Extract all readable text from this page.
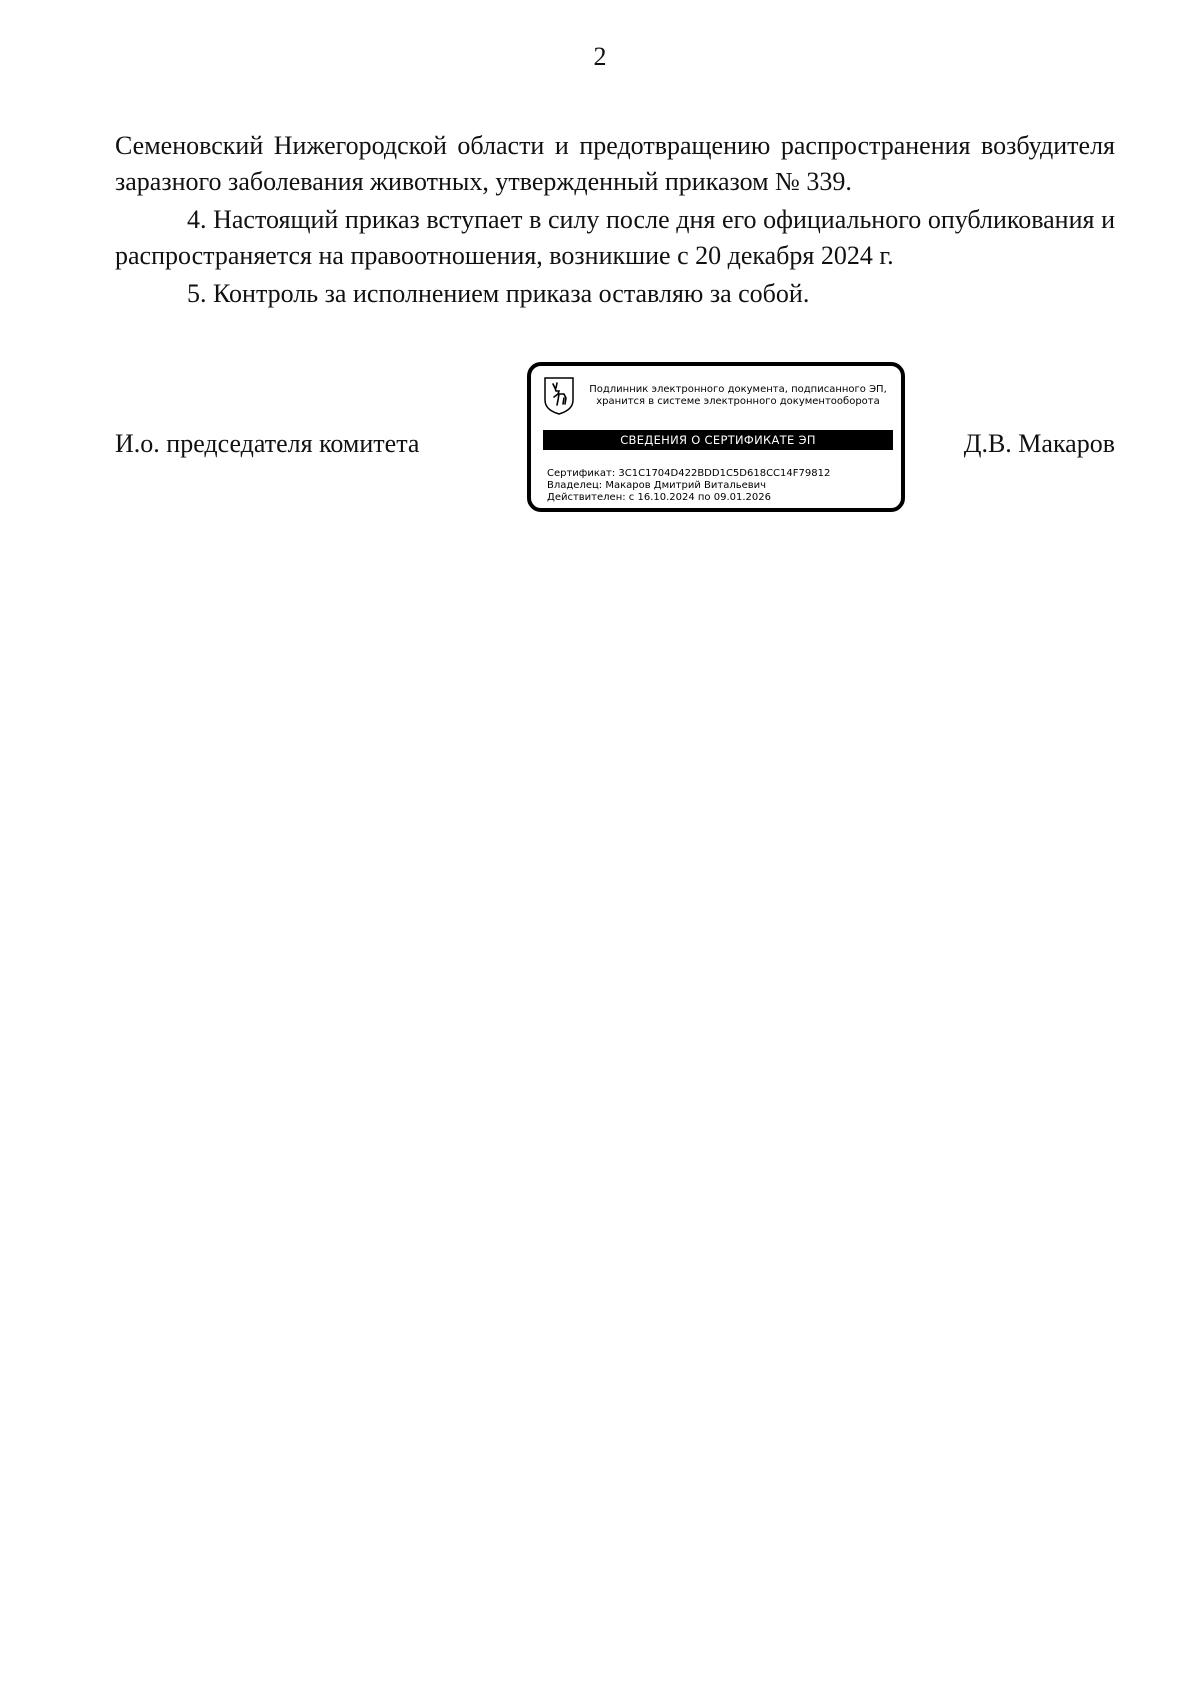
2

Семеновский Нижегородской области и предотвращению распространения возбудителя заразного заболевания животных, утвержденный приказом № 339.

4. Настоящий приказ вступает в силу после дня его официального опубликования и распространяется на правоотношения, возникшие с 20 декабря 2024 г.

5. Контроль за исполнением приказа оставляю за собой.

И.о. председателя комитета	Д.В. Макаров
Подлинник электронного документа, подписанного ЭП,
хранится в системе электронного документооборота
СВЕДЕНИЯ О СЕРТИФИКАТЕ ЭП
Сертификат: 3C1C1704D422BDD1C5D618CC14F79812
Владелец: Макаров Дмитрий Витальевич
Действителен: с 16.10.2024 по 09.01.2026
